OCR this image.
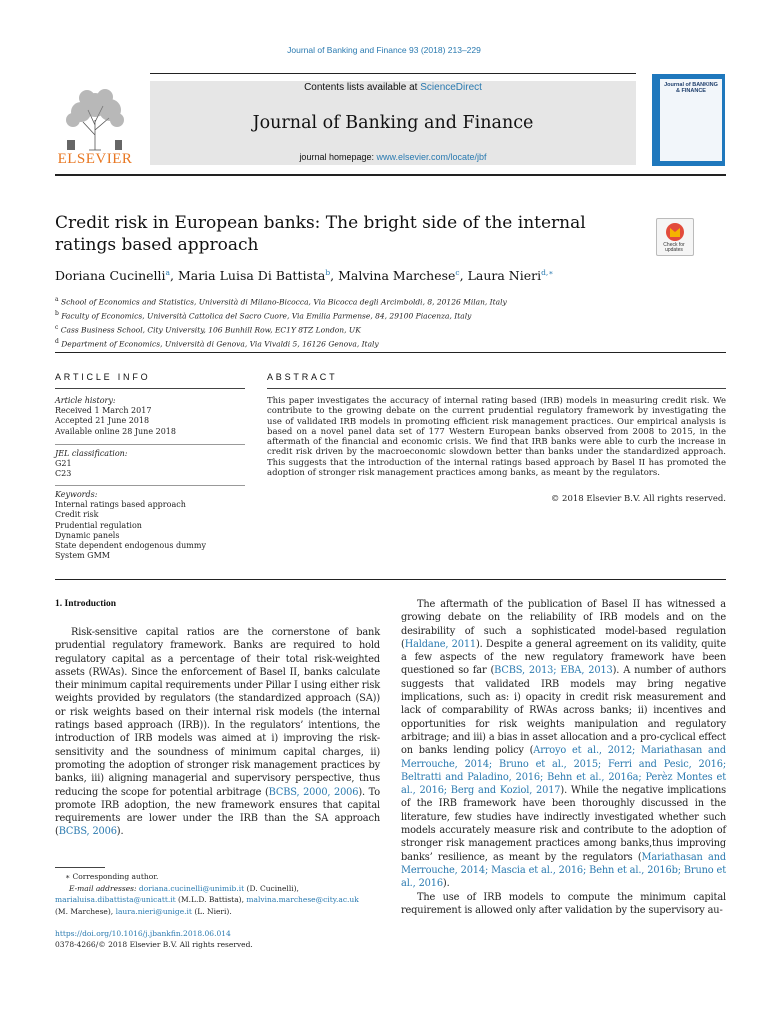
Journal of Banking and Finance 93 (2018) 213–229
ELSEVIER
Contents lists available at ScienceDirect
Journal of Banking and Finance
journal homepage: www.elsevier.com/locate/jbf
Journal of BANKING & FINANCE
Credit risk in European banks: The bright side of the internal ratings based approach	Check for updates
Doriana Cucinelli$^a$, Maria Luisa Di Battista$^b$, Malvina Marchese$^c$, Laura Nieri$^{d,∗}$
$^a$ School of Economics and Statistics, Università di Milano-Bicocca, Via Bicocca degli Arcimboldi, 8, 20126 Milan, Italy
$^b$ Faculty of Economics, Università Cattolica del Sacro Cuore, Via Emilia Parmense, 84, 29100 Piacenza, Italy
$^c$ Cass Business School, City University, 106 Bunhill Row, EC1Y 8TZ London, UK
$^d$ Department of Economics, Università di Genova, Via Vivaldi 5, 16126 Genova, Italy
ARTICLE INFO
Article history:
Received 1 March 2017
Accepted 21 June 2018
Available online 28 June 2018
JEL classification:
G21
C23
Keywords:
Internal ratings based approach
Credit risk
Prudential regulation
Dynamic panels
State dependent endogenous dummy
System GMM
ABSTRACT
This paper investigates the accuracy of internal rating based (IRB) models in measuring credit risk. We contribute to the growing debate on the current prudential regulatory framework by investigating the use of validated IRB models in promoting efficient risk management practices. Our empirical analysis is based on a novel panel data set of 177 Western European banks observed from 2008 to 2015, in the aftermath of the financial and economic crisis. We find that IRB banks were able to curb the increase in credit risk driven by the macroeconomic slowdown better than banks under the standardized approach. This suggests that the introduction of the internal ratings based approach by Basel II has promoted the adoption of stronger risk management practices among banks, as meant by the regulators.
© 2018 Elsevier B.V. All rights reserved.
1. Introduction

Risk-sensitive capital ratios are the cornerstone of bank prudential regulatory framework. Banks are required to hold regulatory capital as a percentage of their total risk-weighted assets (RWAs). Since the enforcement of Basel II, banks calculate their minimum capital requirements under Pillar I using either risk weights provided by regulators (the standardized approach (SA)) or risk weights based on their internal risk models (the internal ratings based approach (IRB)). In the regulators’ intentions, the introduction of IRB models was aimed at i) improving the risk-sensitivity and the soundness of minimum capital charges, ii) promoting the adoption of stronger risk management practices by banks, iii) aligning managerial and supervisory perspective, thus reducing the scope for potential arbitrage (BCBS, 2000, 2006). To promote IRB adoption, the new framework ensures that capital requirements are lower under the IRB than the SA approach (BCBS, 2006).

The aftermath of the publication of Basel II has witnessed a growing debate on the reliability of IRB models and on the desirability of such a sophisticated model-based regulation (Haldane, 2011). Despite a general agreement on its validity, quite a few aspects of the new regulatory framework have been questioned so far (BCBS, 2013; EBA, 2013). A number of authors suggests that validated IRB models may bring negative implications, such as: i) opacity in credit risk measurement and lack of comparability of RWAs across banks; ii) incentives and opportunities for risk weights manipulation and regulatory arbitrage; and iii) a bias in asset allocation and a pro-cyclical effect on banks lending policy (Arroyo et al., 2012; Mariathasan and Merrouche, 2014; Bruno et al., 2015; Ferri and Pesic, 2016; Beltratti and Paladino, 2016; Behn et al., 2016a; Perèz Montes et al., 2016; Berg and Koziol, 2017). While the negative implications of the IRB framework have been thoroughly discussed in the literature, few studies have indirectly investigated whether such models accurately measure risk and contribute to the adoption of stronger risk management practices among banks,thus improving banks’ resilience, as meant by the regulators (Mariathasan and Merrouche, 2014; Mascia et al., 2016; Behn et al., 2016b; Bruno et al., 2016).

The use of IRB models to compute the minimum capital requirement is allowed only after validation by the supervisory au-

∗ Corresponding author.
E-mail addresses: doriana.cucinelli@unimib.it (D. Cucinelli),
marialuisa.dibattista@unicatt.it (M.L.D. Battista), malvina.marchese@city.ac.uk
(M. Marchese), laura.nieri@unige.it (L. Nieri).
https://doi.org/10.1016/j.jbankfin.2018.06.014
0378-4266/© 2018 Elsevier B.V. All rights reserved.
